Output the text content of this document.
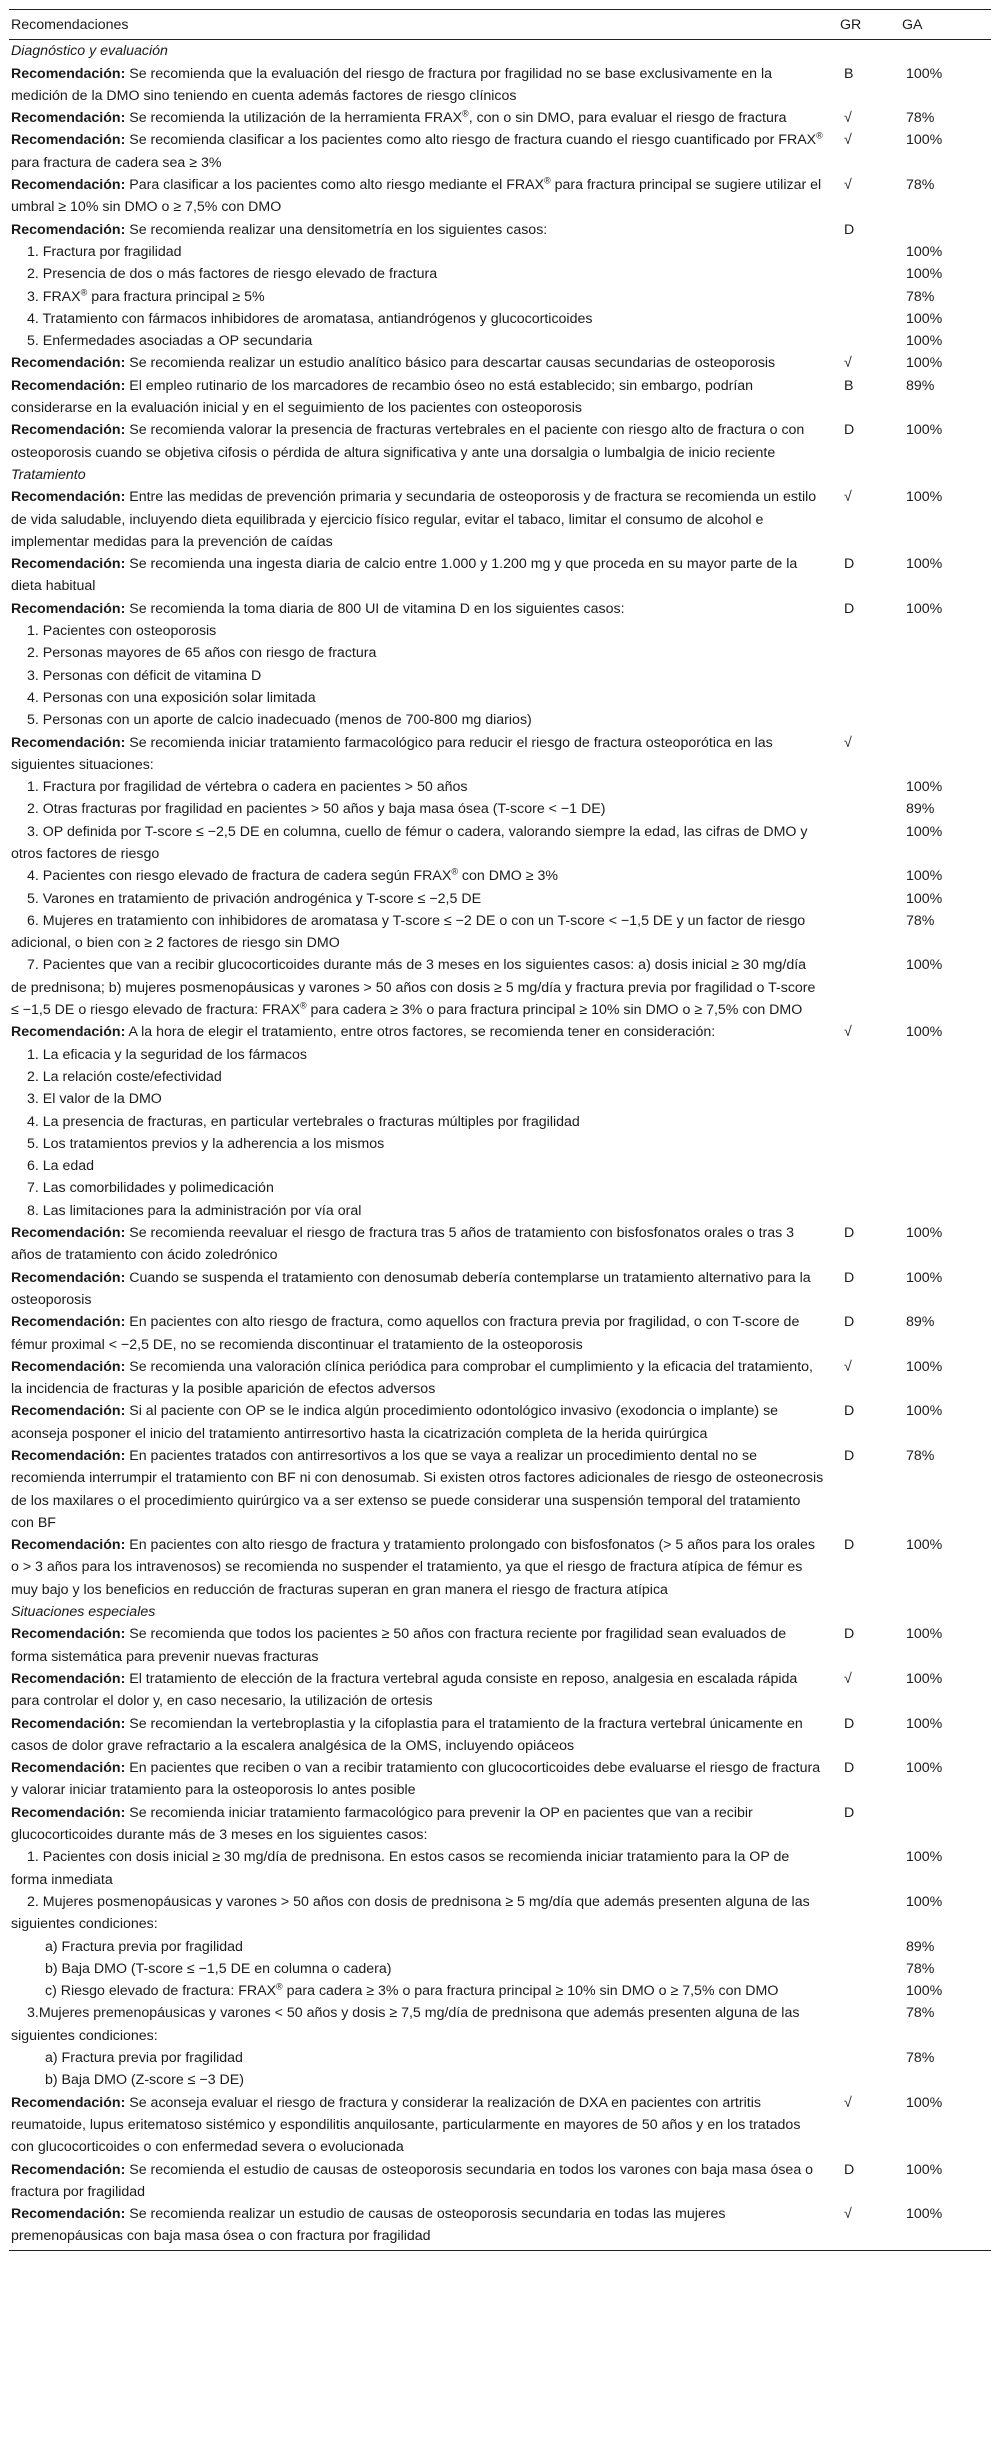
Recomendaciones	GR	GA
Diagnóstico y evaluación		
Recomendación: Se recomienda que la evaluación del riesgo de fractura por fragilidad no se base exclusivamente en la medición de la DMO sino teniendo en cuenta además factores de riesgo clínicos	B	100%
Recomendación: Se recomienda la utilización de la herramienta FRAX®, con o sin DMO, para evaluar el riesgo de fractura	√	78%
Recomendación: Se recomienda clasificar a los pacientes como alto riesgo de fractura cuando el riesgo cuantificado por FRAX® para fractura de cadera sea ≥ 3%	√	100%
Recomendación: Para clasificar a los pacientes como alto riesgo mediante el FRAX® para fractura principal se sugiere utilizar el umbral ≥ 10% sin DMO o ≥ 7,5% con DMO	√	78%
Recomendación: Se recomienda realizar una densitometría en los siguientes casos:	D	
1. Fractura por fragilidad		100%
2. Presencia de dos o más factores de riesgo elevado de fractura		100%
3. FRAX® para fractura principal ≥ 5%		78%
4. Tratamiento con fármacos inhibidores de aromatasa, antiandrógenos y glucocorticoides		100%
5. Enfermedades asociadas a OP secundaria		100%
Recomendación: Se recomienda realizar un estudio analítico básico para descartar causas secundarias de osteoporosis	√	100%
Recomendación: El empleo rutinario de los marcadores de recambio óseo no está establecido; sin embargo, podrían considerarse en la evaluación inicial y en el seguimiento de los pacientes con osteoporosis	B	89%
Recomendación: Se recomienda valorar la presencia de fracturas vertebrales en el paciente con riesgo alto de fractura o con osteoporosis cuando se objetiva cifosis o pérdida de altura significativa y ante una dorsalgia o lumbalgia de inicio reciente	D	100%
Tratamiento		
Recomendación: Entre las medidas de prevención primaria y secundaria de osteoporosis y de fractura se recomienda un estilo de vida saludable, incluyendo dieta equilibrada y ejercicio físico regular, evitar el tabaco, limitar el consumo de alcohol e implementar medidas para la prevención de caídas	√	100%
Recomendación: Se recomienda una ingesta diaria de calcio entre 1.000 y 1.200 mg y que proceda en su mayor parte de la dieta habitual	D	100%
Recomendación: Se recomienda la toma diaria de 800 UI de vitamina D en los siguientes casos:	D	100%
1. Pacientes con osteoporosis		
2. Personas mayores de 65 años con riesgo de fractura		
3. Personas con déficit de vitamina D		
4. Personas con una exposición solar limitada		
5. Personas con un aporte de calcio inadecuado (menos de 700-800 mg diarios)		
Recomendación: Se recomienda iniciar tratamiento farmacológico para reducir el riesgo de fractura osteoporótica en las siguientes situaciones:	√	
1. Fractura por fragilidad de vértebra o cadera en pacientes > 50 años		100%
2. Otras fracturas por fragilidad en pacientes > 50 años y baja masa ósea (T-score < −1 DE)		89%
3. OP definida por T-score ≤ −2,5 DE en columna, cuello de fémur o cadera, valorando siempre la edad, las cifras de DMO y otros factores de riesgo		100%
4. Pacientes con riesgo elevado de fractura de cadera según FRAX® con DMO ≥ 3%		100%
5. Varones en tratamiento de privación androgénica y T-score ≤ −2,5 DE		100%
6. Mujeres en tratamiento con inhibidores de aromatasa y T-score ≤ −2 DE o con un T-score < −1,5 DE y un factor de riesgo adicional, o bien con ≥ 2 factores de riesgo sin DMO		78%
7. Pacientes que van a recibir glucocorticoides durante más de 3 meses en los siguientes casos: a) dosis inicial ≥ 30 mg/día de prednisona; b) mujeres posmenopáusicas y varones > 50 años con dosis ≥ 5 mg/día y fractura previa por fragilidad o T-score ≤ −1,5 DE o riesgo elevado de fractura: FRAX® para cadera ≥ 3% o para fractura principal ≥ 10% sin DMO o ≥ 7,5% con DMO		100%
Recomendación: A la hora de elegir el tratamiento, entre otros factores, se recomienda tener en consideración:	√	100%
1. La eficacia y la seguridad de los fármacos		
2. La relación coste/efectividad		
3. El valor de la DMO		
4. La presencia de fracturas, en particular vertebrales o fracturas múltiples por fragilidad		
5. Los tratamientos previos y la adherencia a los mismos		
6. La edad		
7. Las comorbilidades y polimedicación		
8. Las limitaciones para la administración por vía oral		
Recomendación: Se recomienda reevaluar el riesgo de fractura tras 5 años de tratamiento con bisfosfonatos orales o tras 3 años de tratamiento con ácido zoledrónico	D	100%
Recomendación: Cuando se suspenda el tratamiento con denosumab debería contemplarse un tratamiento alternativo para la osteoporosis	D	100%
Recomendación: En pacientes con alto riesgo de fractura, como aquellos con fractura previa por fragilidad, o con T-score de fémur proximal < −2,5 DE, no se recomienda discontinuar el tratamiento de la osteoporosis	D	89%
Recomendación: Se recomienda una valoración clínica periódica para comprobar el cumplimiento y la eficacia del tratamiento, la incidencia de fracturas y la posible aparición de efectos adversos	√	100%
Recomendación: Si al paciente con OP se le indica algún procedimiento odontológico invasivo (exodoncia o implante) se aconseja posponer el inicio del tratamiento antirresortivo hasta la cicatrización completa de la herida quirúrgica	D	100%
Recomendación: En pacientes tratados con antirresortivos a los que se vaya a realizar un procedimiento dental no se recomienda interrumpir el tratamiento con BF ni con denosumab. Si existen otros factores adicionales de riesgo de osteonecrosis de los maxilares o el procedimiento quirúrgico va a ser extenso se puede considerar una suspensión temporal del tratamiento con BF	D	78%
Recomendación: En pacientes con alto riesgo de fractura y tratamiento prolongado con bisfosfonatos (> 5 años para los orales o > 3 años para los intravenosos) se recomienda no suspender el tratamiento, ya que el riesgo de fractura atípica de fémur es muy bajo y los beneficios en reducción de fracturas superan en gran manera el riesgo de fractura atípica	D	100%
Situaciones especiales		
Recomendación: Se recomienda que todos los pacientes ≥ 50 años con fractura reciente por fragilidad sean evaluados de forma sistemática para prevenir nuevas fracturas	D	100%
Recomendación: El tratamiento de elección de la fractura vertebral aguda consiste en reposo, analgesia en escalada rápida para controlar el dolor y, en caso necesario, la utilización de ortesis	√	100%
Recomendación: Se recomiendan la vertebroplastia y la cifoplastia para el tratamiento de la fractura vertebral únicamente en casos de dolor grave refractario a la escalera analgésica de la OMS, incluyendo opiáceos	D	100%
Recomendación: En pacientes que reciben o van a recibir tratamiento con glucocorticoides debe evaluarse el riesgo de fractura y valorar iniciar tratamiento para la osteoporosis lo antes posible	D	100%
Recomendación: Se recomienda iniciar tratamiento farmacológico para prevenir la OP en pacientes que van a recibir glucocorticoides durante más de 3 meses en los siguientes casos:	D	
1. Pacientes con dosis inicial ≥ 30 mg/día de prednisona. En estos casos se recomienda iniciar tratamiento para la OP de forma inmediata		100%
2. Mujeres posmenopáusicas y varones > 50 años con dosis de prednisona ≥ 5 mg/día que además presenten alguna de las siguientes condiciones:		100%
a) Fractura previa por fragilidad		89%
b) Baja DMO (T-score ≤ −1,5 DE en columna o cadera)		78%
c) Riesgo elevado de fractura: FRAX® para cadera ≥ 3% o para fractura principal ≥ 10% sin DMO o ≥ 7,5% con DMO		100%
3.Mujeres premenopáusicas y varones < 50 años y dosis ≥ 7,5 mg/día de prednisona que además presenten alguna de las siguientes condiciones:		78%
a) Fractura previa por fragilidad		78%
b) Baja DMO (Z-score ≤ −3 DE)		
Recomendación: Se aconseja evaluar el riesgo de fractura y considerar la realización de DXA en pacientes con artritis reumatoide, lupus eritematoso sistémico y espondilitis anquilosante, particularmente en mayores de 50 años y en los tratados con glucocorticoides o con enfermedad severa o evolucionada	√	100%
Recomendación: Se recomienda el estudio de causas de osteoporosis secundaria en todos los varones con baja masa ósea o fractura por fragilidad	D	100%
Recomendación: Se recomienda realizar un estudio de causas de osteoporosis secundaria en todas las mujeres premenopáusicas con baja masa ósea o con fractura por fragilidad	√	100%
